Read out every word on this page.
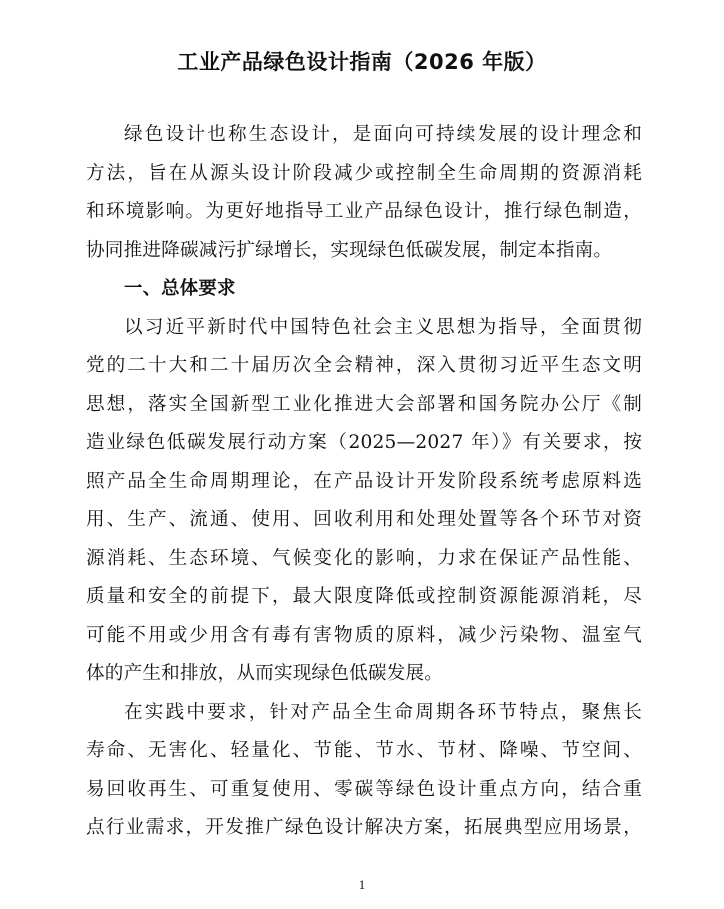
工业产品绿色设计指南（2026 年版）
绿色设计也称生态设计，是面向可持续发展的设计理念和
方法，旨在从源头设计阶段减少或控制全生命周期的资源消耗
和环境影响。为更好地指导工业产品绿色设计，推行绿色制造，
协同推进降碳减污扩绿增长，实现绿色低碳发展，制定本指南。
一、总体要求
以习近平新时代中国特色社会主义思想为指导，全面贯彻
党的二十大和二十届历次全会精神，深入贯彻习近平生态文明
思想，落实全国新型工业化推进大会部署和国务院办公厅《制
造业绿色低碳发展行动方案（2025—2027 年）》有关要求，按
照产品全生命周期理论，在产品设计开发阶段系统考虑原料选
用、生产、流通、使用、回收利用和处理处置等各个环节对资
源消耗、生态环境、气候变化的影响，力求在保证产品性能、
质量和安全的前提下，最大限度降低或控制资源能源消耗，尽
可能不用或少用含有毒有害物质的原料，减少污染物、温室气
体的产生和排放，从而实现绿色低碳发展。
在实践中要求，针对产品全生命周期各环节特点，聚焦长
寿命、无害化、轻量化、节能、节水、节材、降噪、节空间、
易回收再生、可重复使用、零碳等绿色设计重点方向，结合重
点行业需求，开发推广绿色设计解决方案，拓展典型应用场景，
1
